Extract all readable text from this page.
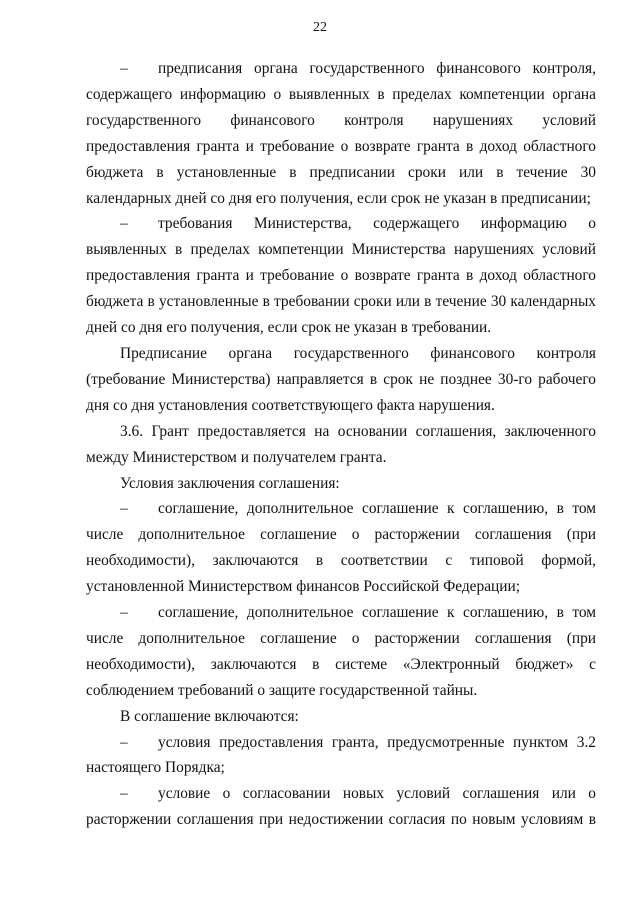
22

– предписания органа государственного финансового контроля, содержащего информацию о выявленных в пределах компетенции органа государственного финансового контроля нарушениях условий предоставления гранта и требование о возврате гранта в доход областного бюджета в установленные в предписании сроки или в течение 30 календарных дней со дня его получения, если срок не указан в предписании;

– требования Министерства, содержащего информацию о выявленных в пределах компетенции Министерства нарушениях условий предоставления гранта и требование о возврате гранта в доход областного бюджета в установленные в требовании сроки или в течение 30 календарных дней со дня его получения, если срок не указан в требовании.

Предписание органа государственного финансового контроля (требование Министерства) направляется в срок не позднее 30-го рабочего дня со дня установления соответствующего факта нарушения.

3.6. Грант предоставляется на основании соглашения, заключенного между Министерством и получателем гранта.

Условия заключения соглашения:

– соглашение, дополнительное соглашение к соглашению, в том числе дополнительное соглашение о расторжении соглашения (при необходимости), заключаются в соответствии с типовой формой, установленной Министерством финансов Российской Федерации;

– соглашение, дополнительное соглашение к соглашению, в том числе дополнительное соглашение о расторжении соглашения (при необходимости), заключаются в системе «Электронный бюджет» с соблюдением требований о защите государственной тайны.

В соглашение включаются:

– условия предоставления гранта, предусмотренные пунктом 3.2 настоящего Порядка;

– условие о согласовании новых условий соглашения или о расторжении соглашения при недостижении согласия по новым условиям в
